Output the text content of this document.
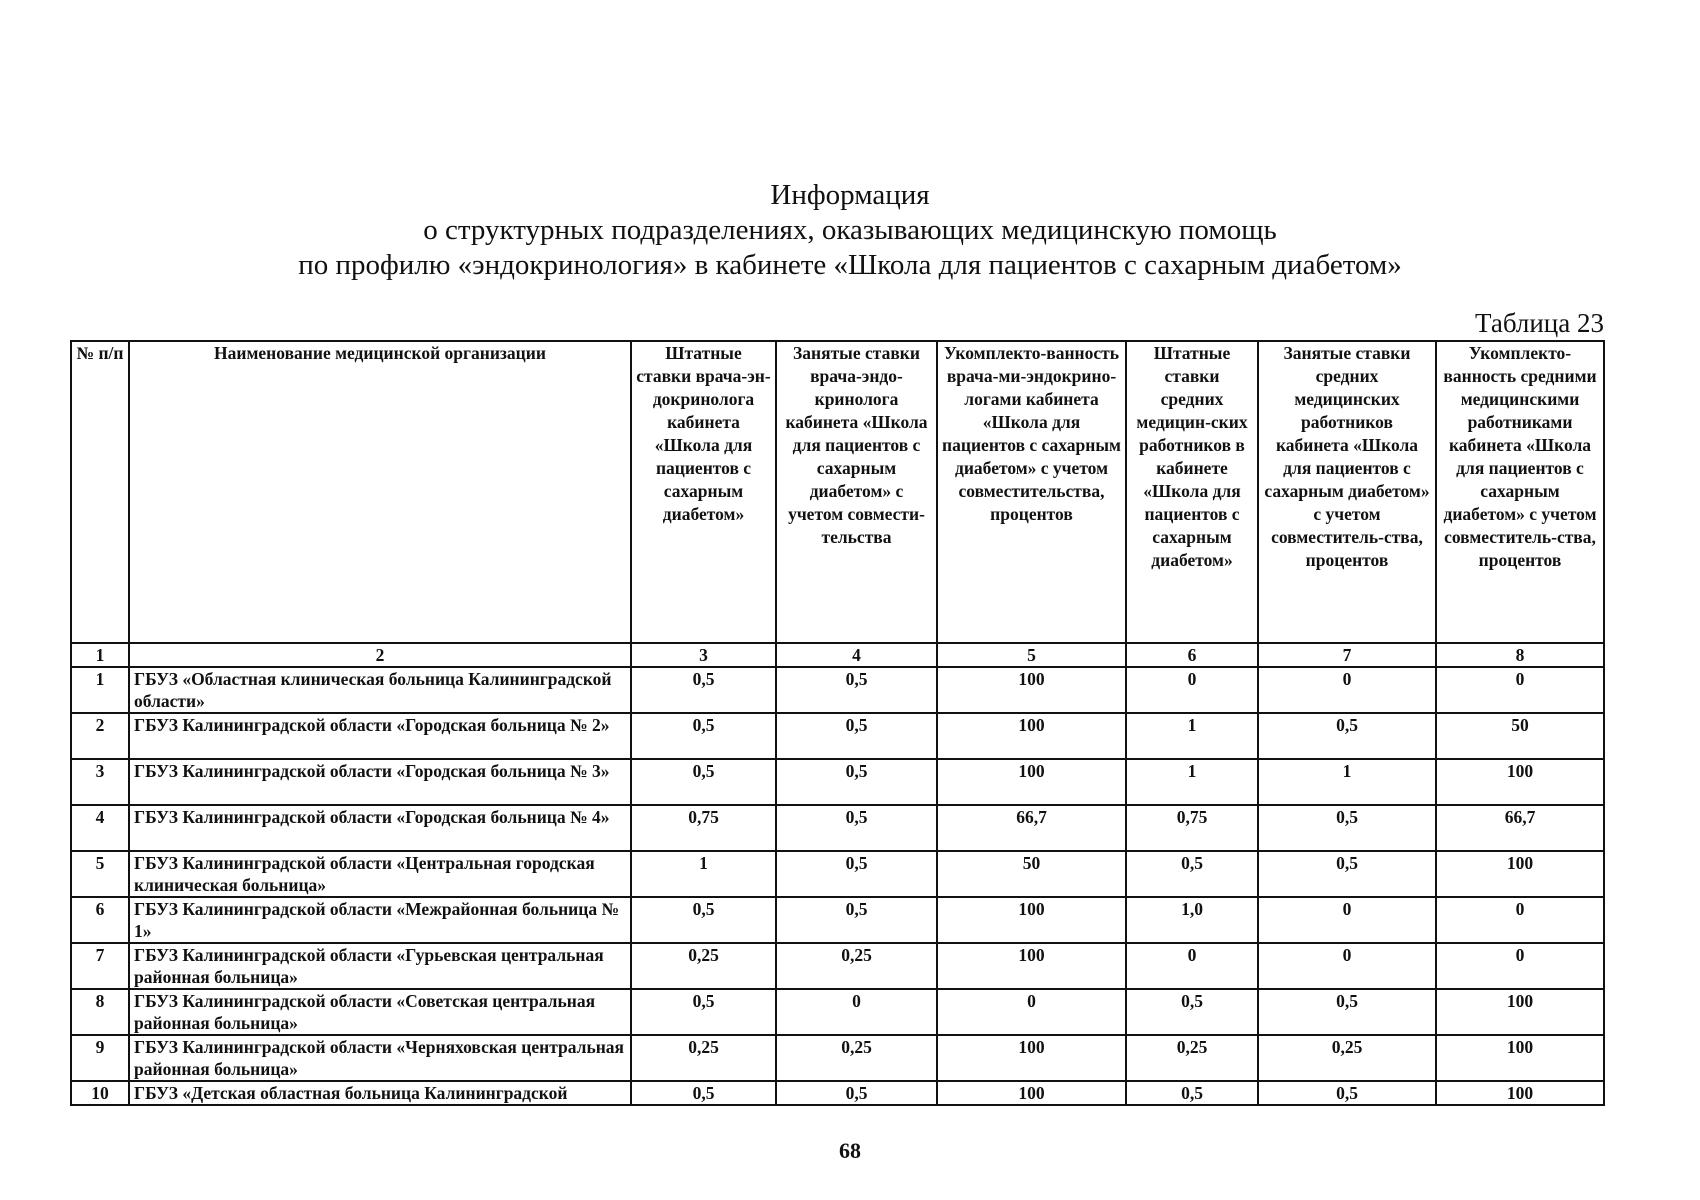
Информация
о структурных подразделениях, оказывающих медицинскую помощь
по профилю «эндокринология» в кабинете «Школа для пациентов с сахарным диабетом»
Таблица 23
№ п/п	Наименование медицинской организации	Штатные ставки врача-эн-докринолога кабинета «Школа для пациентов с сахарным диабетом»	Занятые ставки врача-эндо-кринолога кабинета «Школа для пациентов с сахарным диабетом» с учетом совмести-тельства	Укомплекто-ванность врача-ми-эндокрино-логами кабинета «Школа для пациентов с сахарным диабетом» с учетом совместительства, процентов	Штатные ставки средних медицин-ских работников в кабинете «Школа для пациентов с сахарным диабетом»	Занятые ставки средних медицинских работников кабинета «Школа для пациентов с сахарным диабетом» с учетом совместитель-ства, процентов	Укомплекто-ванность средними медицинскими работниками кабинета «Школа для пациентов с сахарным диабетом» с учетом совместитель-ства, процентов
1	2	3	4	5	6	7	8
1	ГБУЗ «Областная клиническая больница Калининградской области»	0,5	0,5	100	0	0	0
2	ГБУЗ Калининградской области «Городская больница № 2»	0,5	0,5	100	1	0,5	50
3	ГБУЗ Калининградской области «Городская больница № 3»	0,5	0,5	100	1	1	100
4	ГБУЗ Калининградской области «Городская больница № 4»	0,75	0,5	66,7	0,75	0,5	66,7
5	ГБУЗ Калининградской области «Центральная городская клиническая больница»	1	0,5	50	0,5	0,5	100
6	ГБУЗ Калининградской области «Межрайонная больница № 1»	0,5	0,5	100	1,0	0	0
7	ГБУЗ Калининградской области «Гурьевская центральная районная больница»	0,25	0,25	100	0	0	0
8	ГБУЗ Калининградской области «Советская центральная районная больница»	0,5	0	0	0,5	0,5	100
9	ГБУЗ Калининградской области «Черняховская центральная районная больница»	0,25	0,25	100	0,25	0,25	100
10	ГБУЗ «Детская областная больница Калининградской	0,5	0,5	100	0,5	0,5	100
68
